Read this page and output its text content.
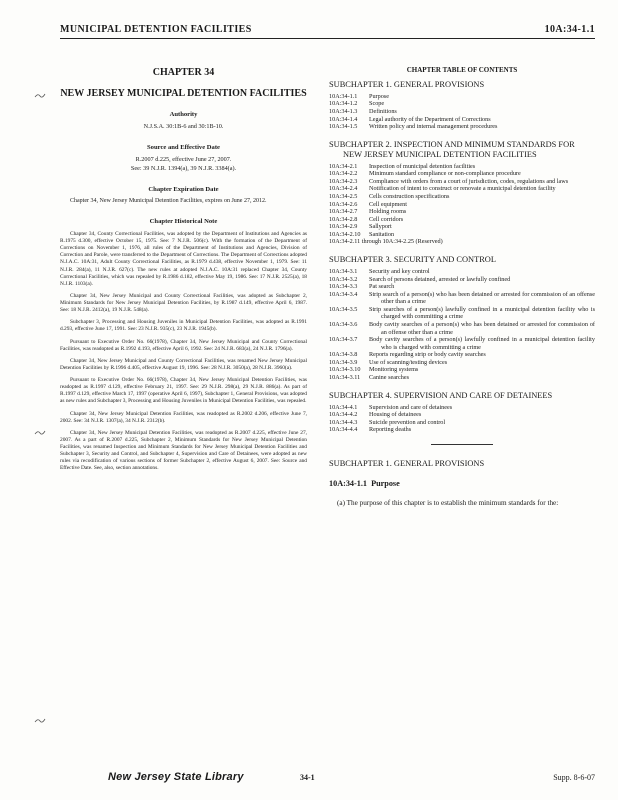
MUNICIPAL DETENTION FACILITIES	10A:34-1.1
CHAPTER 34
NEW JERSEY MUNICIPAL DETENTION FACILITIES
Authority
N.J.S.A. 30:1B-6 and 30:1B-10.
Source and Effective Date
R.2007 d.225, effective June 27, 2007.
See: 39 N.J.R. 1394(a), 39 N.J.R. 3384(a).
Chapter Expiration Date
Chapter 34, New Jersey Municipal Detention Facilities, expires on June 27, 2012.
Chapter Historical Note
Chapter 34, County Correctional Facilities, was adopted by the Department of Institutions and Agencies as R.1975 d.300, effective October 15, 1975. See: 7 N.J.R. 506(c). With the formation of the Department of Corrections on November 1, 1976, all rules of the Department of Institutions and Agencies, Division of Correction and Parole, were transferred to the Department of Corrections. The Department of Corrections adopted N.J.A.C. 10A:31, Adult County Correctional Facilities, as R.1979 d.438, effective November 1, 1979. See: 11 N.J.R. 284(a), 11 N.J.R. 627(c). The new rules at adopted N.J.A.C. 10A:31 replaced Chapter 34, County Correctional Facilities, which was repealed by R.1986 d.182, effective May 19, 1986. See: 17 N.J.R. 2525(a), 18 N.J.R. 1103(a).
Chapter 34, New Jersey Municipal and County Correctional Facilities, was adopted as Subchapter 2, Minimum Standards for New Jersey Municipal Detention Facilities, by R.1987 d.149, effective April 6, 1987. See: 18 N.J.R. 2412(a), 19 N.J.R. 548(a).
Subchapter 3, Processing and Housing Juveniles in Municipal Detention Facilities, was adopted as R.1991 d.293, effective June 17, 1991. See: 23 N.J.R. 935(c), 23 N.J.R. 1945(b).
Pursuant to Executive Order No. 66(1978), Chapter 34, New Jersey Municipal and County Correctional Facilities, was readopted as R.1992 d.193, effective April 6, 1992. See: 24 N.J.R. 683(a), 24 N.J.R. 1796(a).
Chapter 34, New Jersey Municipal and County Correctional Facilities, was renamed New Jersey Municipal Detention Facilities by R.1996 d.405, effective August 19, 1996. See: 28 N.J.R. 3050(a), 28 N.J.R. 3960(a).
Pursuant to Executive Order No. 66(1978), Chapter 34, New Jersey Municipal Detention Facilities, was readopted as R.1997 d.129, effective February 21, 1997. See: 29 N.J.R. 298(a), 29 N.J.R. 886(a). As part of R.1997 d.129, effective March 17, 1997 (operative April 6, 1997), Subchapter 1, General Provisions, was adopted as new rules and Subchapter 3, Processing and Housing Juveniles in Municipal Detention Facilities, was repealed.
Chapter 34, New Jersey Municipal Detention Facilities, was readopted as R.2002 d.206, effective June 7, 2002. See: 34 N.J.R. 1307(a), 34 N.J.R. 2312(b).
Chapter 34, New Jersey Municipal Detention Facilities, was readopted as R.2007 d.225, effective June 27, 2007. As a part of R.2007 d.225, Subchapter 2, Minimum Standards for New Jersey Municipal Detention Facilities, was renamed Inspection and Minimum Standards for New Jersey Municipal Detention Facilities and Subchapter 3, Security and Control, and Subchapter 4, Supervision and Care of Detainees, were adopted as new rules via recodification of various sections of former Subchapter 2, effective August 6, 2007. See: Source and Effective Date. See, also, section annotations.
CHAPTER TABLE OF CONTENTS
SUBCHAPTER 1. GENERAL PROVISIONS
10A:34-1.1	Purpose
10A:34-1.2	Scope
10A:34-1.3	Definitions
10A:34-1.4	Legal authority of the Department of Corrections
10A:34-1.5	Written policy and internal management procedures
SUBCHAPTER 2. INSPECTION AND MINIMUM STANDARDS FOR NEW JERSEY MUNICIPAL DETENTION FACILITIES
10A:34-2.1	Inspection of municipal detention facilities
10A:34-2.2	Minimum standard compliance or non-compliance procedure
10A:34-2.3	Compliance with orders from a court of jurisdiction, codes, regulations and laws
10A:34-2.4	Notification of intent to construct or renovate a municipal detention facility
10A:34-2.5	Cells construction specifications
10A:34-2.6	Cell equipment
10A:34-2.7	Holding rooms
10A:34-2.8	Cell corridors
10A:34-2.9	Sallyport
10A:34-2.10	Sanitation
10A:34-2.11 through 10A:34-2.25 (Reserved)
SUBCHAPTER 3. SECURITY AND CONTROL
10A:34-3.1	Security and key control
10A:34-3.2	Search of persons detained, arrested or lawfully confined
10A:34-3.3	Pat search
10A:34-3.4	Strip search of a person(s) who has been detained or arrested for commission of an offense other than a crime
10A:34-3.5	Strip searches of a person(s) lawfully confined in a municipal detention facility who is charged with committing a crime
10A:34-3.6	Body cavity searches of a person(s) who has been detained or arrested for commission of an offense other than a crime
10A:34-3.7	Body cavity searches of a person(s) lawfully confined in a municipal detention facility who is charged with committing a crime
10A:34-3.8	Reports regarding strip or body cavity searches
10A:34-3.9	Use of scanning/testing devices
10A:34-3.10	Monitoring systems
10A:34-3.11	Canine searches
SUBCHAPTER 4. SUPERVISION AND CARE OF DETAINEES
10A:34-4.1	Supervision and care of detainees
10A:34-4.2	Housing of detainees
10A:34-4.3	Suicide prevention and control
10A:34-4.4	Reporting deaths
SUBCHAPTER 1. GENERAL PROVISIONS
10A:34-1.1 Purpose
(a) The purpose of this chapter is to establish the minimum standards for the:
New Jersey State Library	34-1	Supp. 8-6-07
